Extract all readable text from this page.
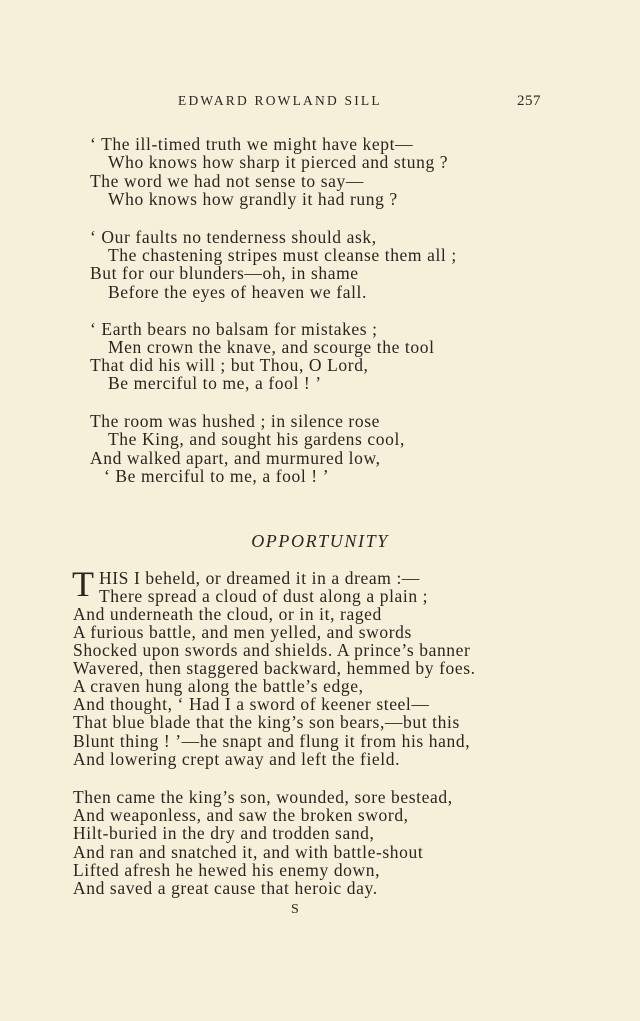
EDWARD ROWLAND SILL	257
‘ The ill-timed truth we might have kept—
Who knows how sharp it pierced and stung ?
The word we had not sense to say—
Who knows how grandly it had rung ?
‘ Our faults no tenderness should ask,
The chastening stripes must cleanse them all ;
But for our blunders—oh, in shame
Before the eyes of heaven we fall.
‘ Earth bears no balsam for mistakes ;
Men crown the knave, and scourge the tool
That did his will ; but Thou, O Lord,
Be merciful to me, a fool ! ’
The room was hushed ; in silence rose
The King, and sought his gardens cool,
And walked apart, and murmured low,
‘ Be merciful to me, a fool ! ’
OPPORTUNITY
T HIS I beheld, or dreamed it in a dream :—
There spread a cloud of dust along a plain ;
And underneath the cloud, or in it, raged
A furious battle, and men yelled, and swords
Shocked upon swords and shields. A prince’s banner
Wavered, then staggered backward, hemmed by foes.
A craven hung along the battle’s edge,
And thought, ‘ Had I a sword of keener steel—
That blue blade that the king’s son bears,—but this
Blunt thing ! ’—he snapt and flung it from his hand,
And lowering crept away and left the field.
Then came the king’s son, wounded, sore bestead,
And weaponless, and saw the broken sword,
Hilt-buried in the dry and trodden sand,
And ran and snatched it, and with battle-shout
Lifted afresh he hewed his enemy down,
And saved a great cause that heroic day.
S
